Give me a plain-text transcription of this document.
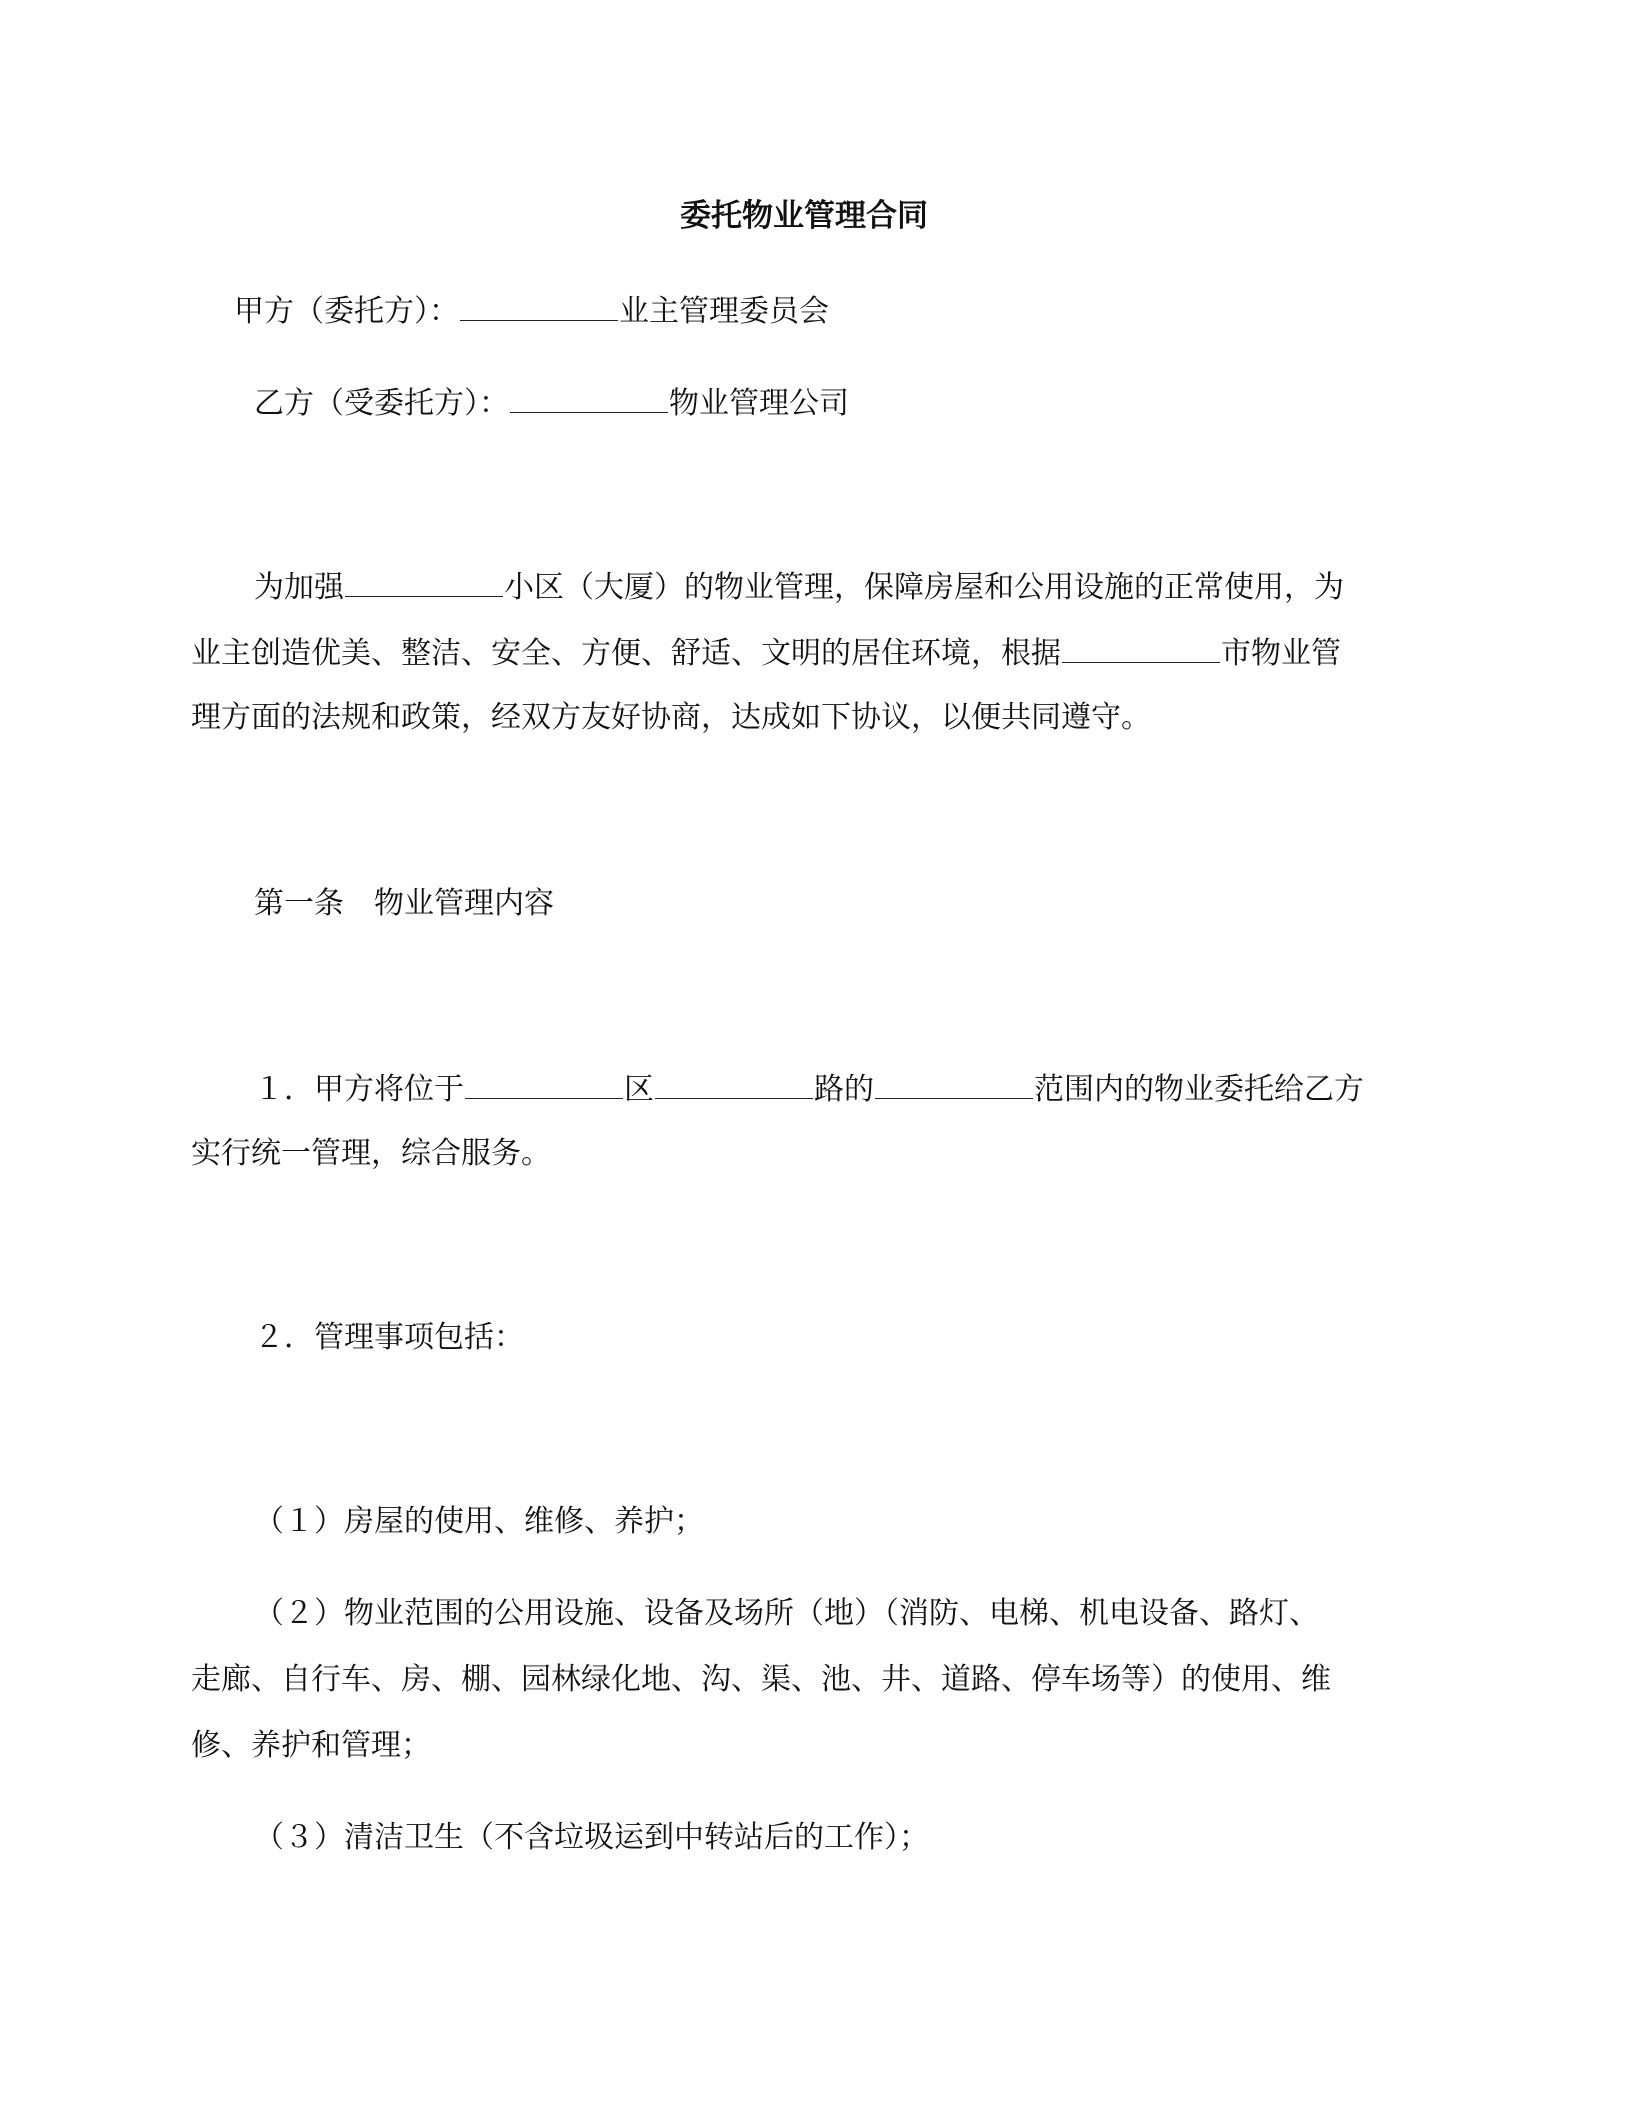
委托物业管理合同
甲方（委托方）：	业主管理委员会
乙方（受委托方）：	物业管理公司
为加强	小区（大厦）的物业管理，保障房屋和公用设施的正常使用，为
业主创造优美、整洁、安全、方便、舒适、文明的居住环境，根据	市物业管
理方面的法规和政策，经双方友好协商，达成如下协议，以便共同遵守。
第一条　物业管理内容
１．甲方将位于	区	路的	范围内的物业委托给乙方
实行统一管理，综合服务。
２．管理事项包括：
（１）房屋的使用、维修、养护；
（２）物业范围的公用设施、设备及场所（地）（消防、电梯、机电设备、路灯、
走廊、自行车、房、棚、园林绿化地、沟、渠、池、井、道路、停车场等）的使用、维
修、养护和管理；
（３）清洁卫生（不含垃圾运到中转站后的工作）；
